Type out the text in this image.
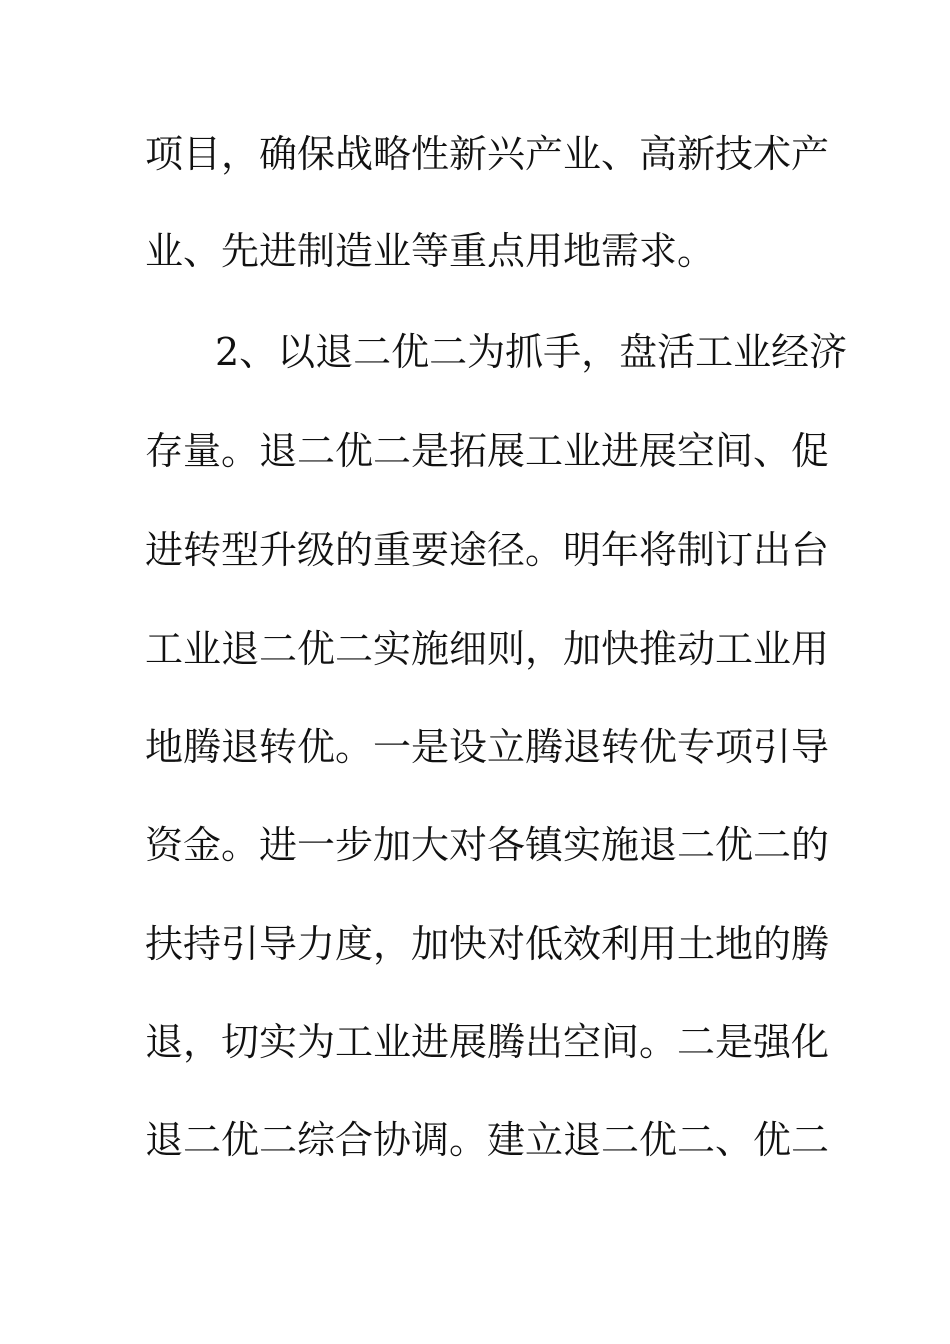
项目，确保战略性新兴产业、高新技术产
业、先进制造业等重点用地需求。
2、以退二优二为抓手，盘活工业经济
存量。退二优二是拓展工业进展空间、促
进转型升级的重要途径。明年将制订出台
工业退二优二实施细则，加快推动工业用
地腾退转优。一是设立腾退转优专项引导
资金。进一步加大对各镇实施退二优二的
扶持引导力度，加快对低效利用土地的腾
退，切实为工业进展腾出空间。二是强化
退二优二综合协调。建立退二优二、优二
